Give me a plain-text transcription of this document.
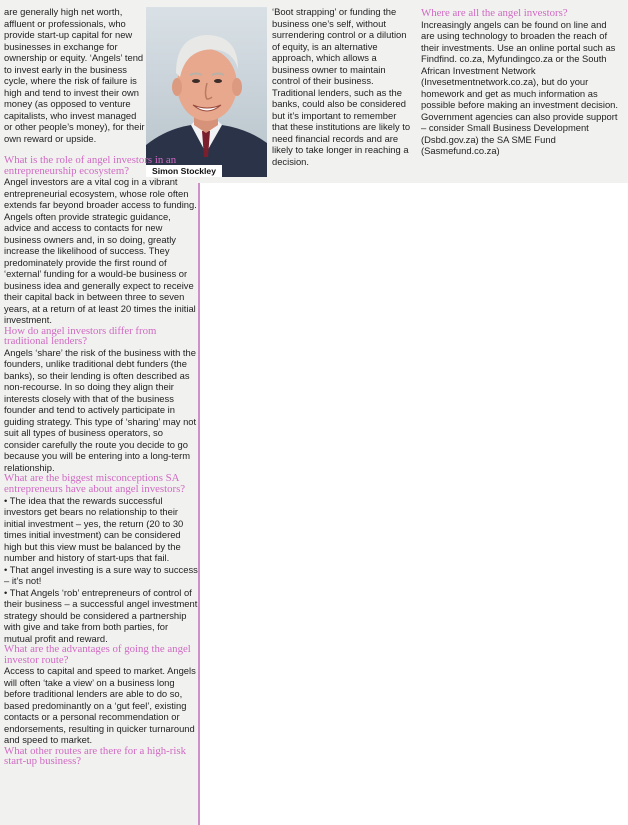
are generally high net worth, affluent or professionals, who provide start-up capital for new businesses in exchange for ownership or equity. ‘Angels’ tend to invest early in the business cycle, where the risk of failure is high and tend to invest their own money (as opposed to venture capitalists, who invest managed or other people’s money), for their own reward or upside.

Simon Stockley

What is the role of angel investors in an entrepreneurship ecosystem?

Angel investors are a vital cog in a vibrant entrepreneurial ecosystem, whose role often extends far beyond broader access to funding. Angels often provide strategic guidance, advice and access to contacts for new business owners and, in so doing, greatly increase the likelihood of success. They predominately provide the first round of ‘external’ funding for a would-be business or business idea and generally expect to receive their capital back in between three to seven years, at a return of at least 20 times the initial investment.

How do angel investors differ from traditional lenders?

Angels ‘share’ the risk of the business with the founders, unlike traditional debt funders (the banks), so their lending is often described as non-recourse. In so doing they align their interests closely with that of the business founder and tend to actively participate in guiding strategy. This type of ‘sharing’ may not suit all types of business operators, so consider carefully the route you decide to go because you will be entering into a long-term relationship.

What are the biggest misconceptions SA entrepreneurs have about angel investors?

• The idea that the rewards successful investors get bears no relationship to their initial investment – yes, the return (20 to 30 times initial investment) can be considered high but this view must be balanced by the number and history of start-ups that fail.

• That angel investing is a sure way to success – it’s not!

• That Angels ‘rob’ entrepreneurs of control of their business – a successful angel investment strategy should be considered a partnership with give and take from both parties, for mutual profit and reward.

What are the advantages of going the angel investor route?

Access to capital and speed to market. Angels will often ‘take a view’ on a business long before traditional lenders are able to do so, based predominantly on a ‘gut feel’, existing contacts or a personal recommendation or endorsements, resulting in quicker turnaround and speed to market.

What other routes are there for a high-risk start-up business?

‘Boot strapping’ or funding the business one’s self, without surrendering control or a dilution of equity, is an alternative approach, which allows a business owner to maintain control of their business. Traditional lenders, such as the banks, could also be considered but it’s important to remember that these institutions are likely to need financial records and are likely to take longer in reaching a decision.

Where are all the angel investors?

Increasingly angels can be found on line and are using technology to broaden the reach of their investments. Use an online portal such as Findfind. co.za, Myfundingco.za or the South African Investment Network (Invesetmentnetwork.co.za), but do your homework and get as much information as possible before making an investment decision. Government agencies can also provide support – consider Small Business Development (Dsbd.gov.za) the SA SME Fund (Sasmefund.co.za)
